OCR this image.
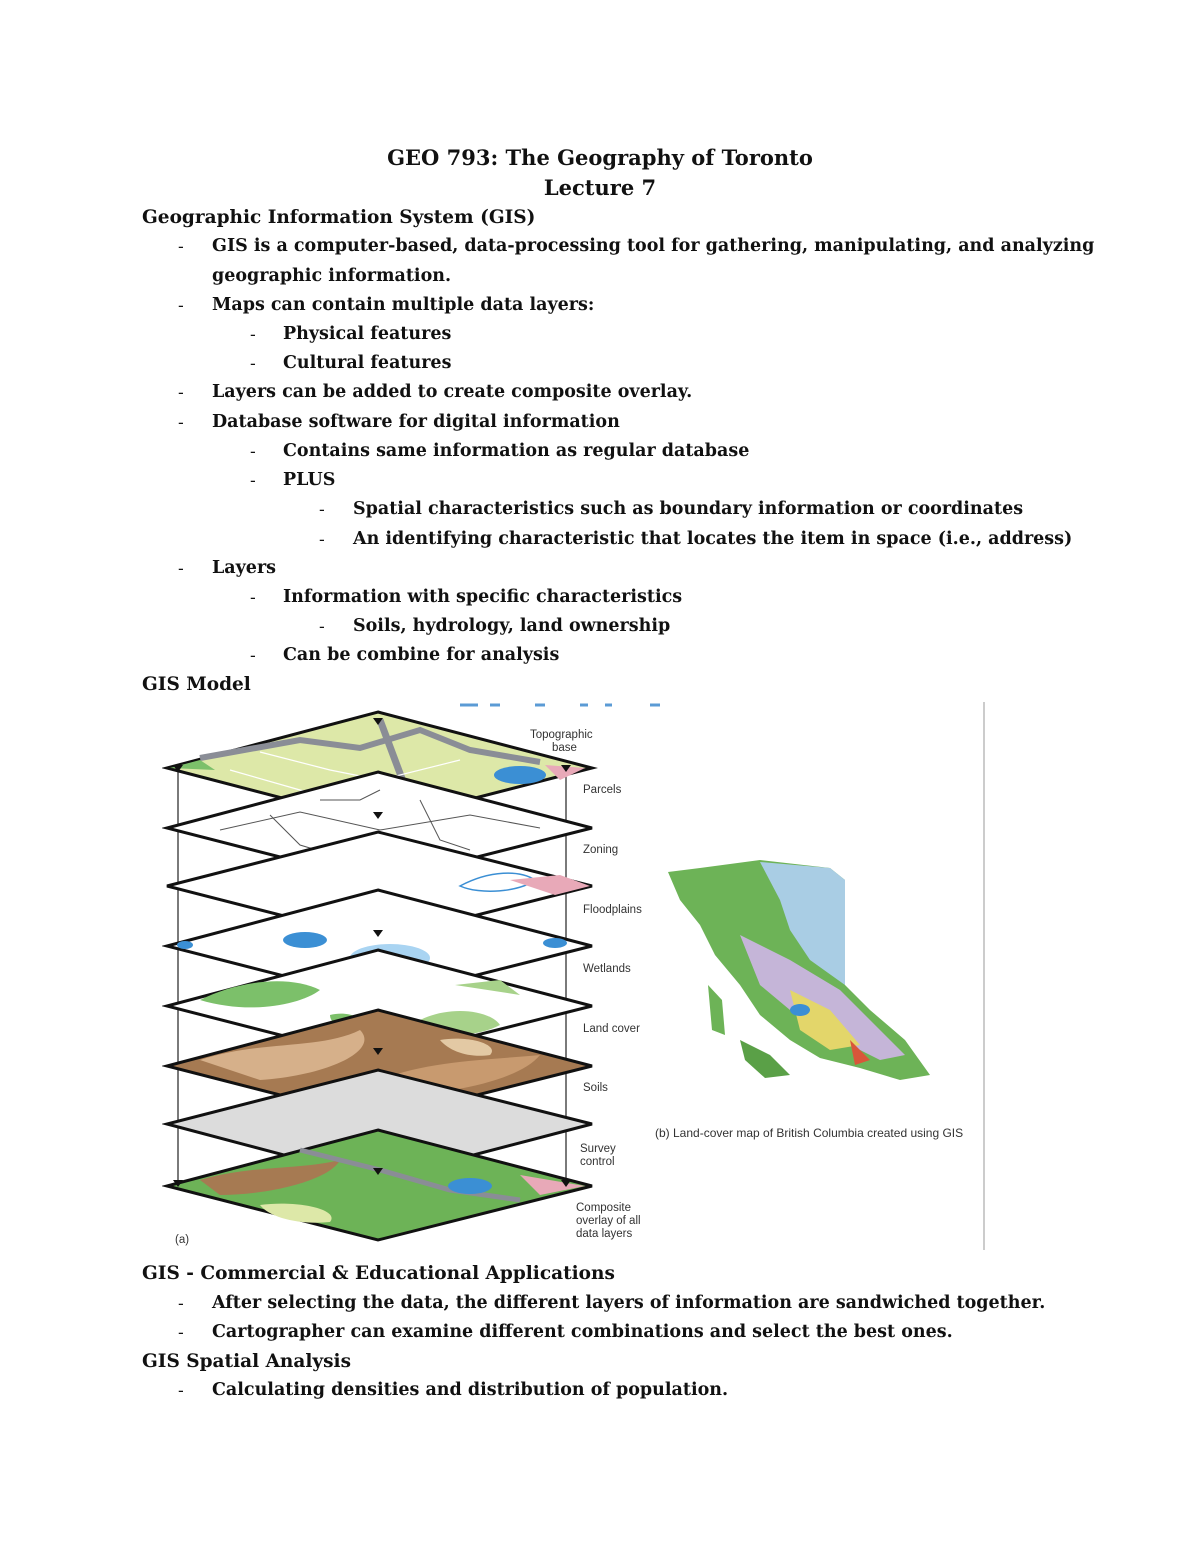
GEO 793: The Geography of Toronto

Lecture 7

Geographic Information System (GIS)

- GIS is a computer-based, data-processing tool for gathering, manipulating, and analyzing

geographic information.

- Maps can contain multiple data layers:

- Physical features

- Cultural features

- Layers can be added to create composite overlay.

- Database software for digital information

- Contains same information as regular database

- PLUS

- Spatial characteristics such as boundary information or coordinates

- An identifying characteristic that locates the item in space (i.e., address)

- Layers

- Information with specific characteristics

- Soils, hydrology, land ownership

- Can be combine for analysis

GIS Model

Topographic base
Parcels
Zoning
Floodplains
Wetlands
Land cover
Soils
Survey control
Composite overlay of all data layers
(a)
(b) Land-cover map of British Columbia created using GIS

GIS - Commercial & Educational Applications

- After selecting the data, the different layers of information are sandwiched together.

- Cartographer can examine different combinations and select the best ones.

GIS Spatial Analysis

- Calculating densities and distribution of population.
